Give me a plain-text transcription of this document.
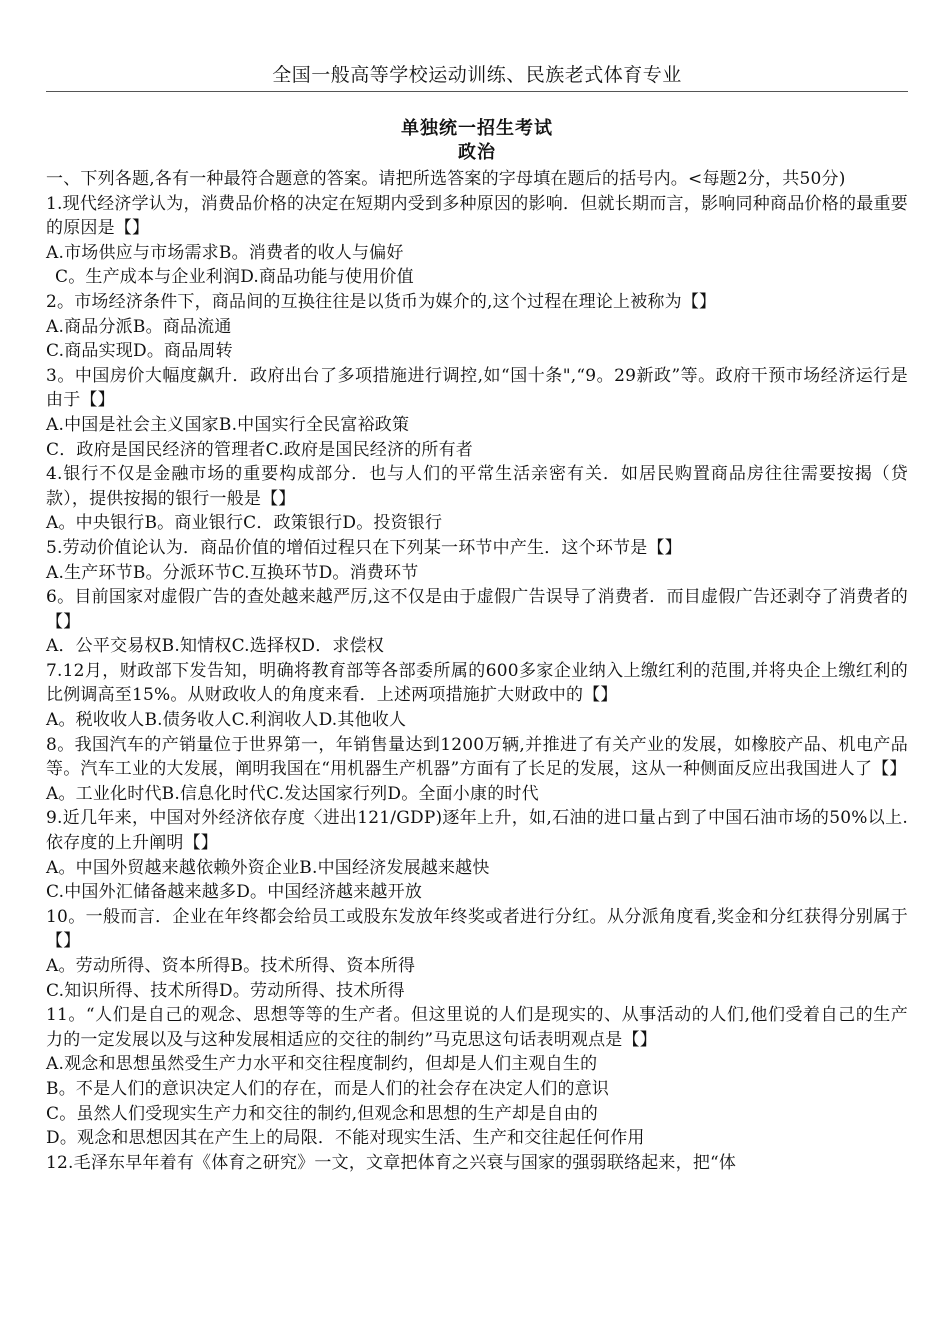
全国一般高等学校运动训练、民族老式体育专业
单独统一招生考试
政治
一、下列各题,各有一种最符合题意的答案。请把所选答案的字母填在题后的括号内。<每题2分，共50分)
1.现代经济学认为，消费品价格的决定在短期内受到多种原因的影响．但就长期而言，影响同种商品价格的最重要的原因是【】
A.市场供应与市场需求B。消费者的收人与偏好
C。生产成本与企业利润D.商品功能与使用价值
2。市场经济条件下，商品间的互换往往是以货币为媒介的,这个过程在理论上被称为【】
A.商品分派B。商品流通
C.商品实现D。商品周转
3。中国房价大幅度飙升．政府出台了多项措施进行调控,如“国十条",“9。29新政”等。政府干预市场经济运行是由于【】
A.中国是社会主义国家B.中国实行全民富裕政策
C．政府是国民经济的管理者C.政府是国民经济的所有者
4.银行不仅是金融市场的重要构成部分．也与人们的平常生活亲密有关．如居民购置商品房往往需要按揭（贷款），提供按揭的银行一般是【】
A。中央银行B。商业银行C．政策银行D。投资银行
5.劳动价值论认为．商品价值的增佰过程只在下列某一环节中产生．这个环节是【】
A.生产环节B。分派环节C.互换环节D。消费环节
6。目前国家对虚假广告的查处越来越严厉,这不仅是由于虚假广告误导了消费者．而目虚假广告还剥夺了消费者的【】
A．公平交易权B.知情权C.选择权D．求偿权
7.12月，财政部下发告知，明确将教育部等各部委所属的600多家企业纳入上缴红利的范围,并将央企上缴红利的比例调高至15%。从财政收人的角度来看．上述两项措施扩大财政中的【】
A。税收收人B.债务收人C.利润收人D.其他收人
8。我国汽车的产销量位于世界第一，年销售量达到1200万辆,并推进了有关产业的发展，如橡胶产品、机电产品等。汽车工业的大发展，阐明我国在“用机器生产机器”方面有了长足的发展，这从一种侧面反应出我国进人了【】
A。工业化时代B.信息化时代C.发达国家行列D。全面小康的时代
9.近几年来，中国对外经济依存度〈进出121/GDP)逐年上升，如,石油的进口量占到了中国石油市场的50%以上.依存度的上升阐明【】
A。中国外贸越来越依赖外资企业B.中国经济发展越来越快
C.中国外汇储备越来越多D。中国经济越来越开放
10。一般而言．企业在年终都会给员工或股东发放年终奖或者进行分红。从分派角度看,奖金和分红获得分别属于【】
A。劳动所得、资本所得B。技术所得、资本所得
C.知识所得、技术所得D。劳动所得、技术所得
11。“人们是自己的观念、思想等等的生产者。但这里说的人们是现实的、从事活动的人们,他们受着自己的生产力的一定发展以及与这种发展相适应的交往的制约”马克思这句话表明观点是【】
A.观念和思想虽然受生产力水平和交往程度制约，但却是人们主观自生的
B。不是人们的意识决定人们的存在，而是人们的社会存在决定人们的意识
C。虽然人们受现实生产力和交往的制约,但观念和思想的生产却是自由的
D。观念和思想因其在产生上的局限．不能对现实生活、生产和交往起任何作用
12.毛泽东早年着有《体育之研究》一文，文章把体育之兴衰与国家的强弱联络起来，把“体
